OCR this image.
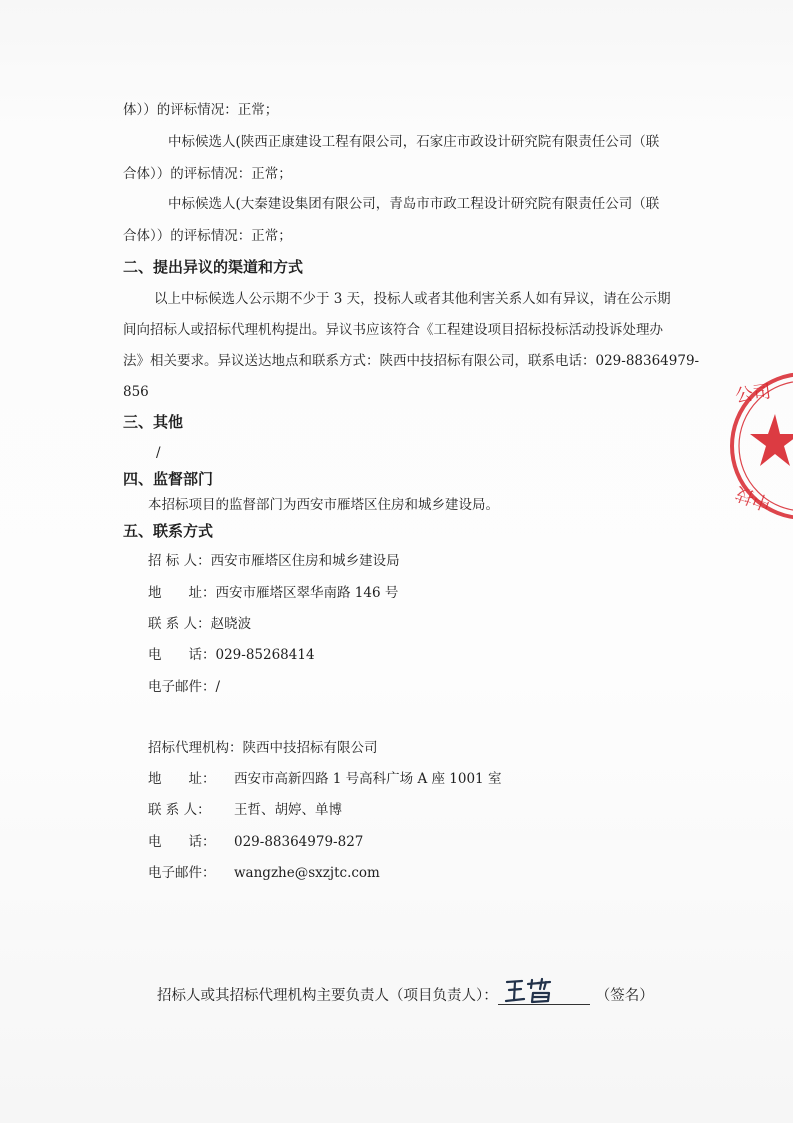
体））的评标情况：正常；
中标候选人(陕西正康建设工程有限公司，石家庄市政设计研究院有限责任公司（联
合体））的评标情况：正常；
中标候选人(大秦建设集团有限公司，青岛市市政工程设计研究院有限责任公司（联
合体））的评标情况：正常；
二、提出异议的渠道和方式
以上中标候选人公示期不少于 3 天，投标人或者其他利害关系人如有异议，请在公示期
间向招标人或招标代理机构提出。异议书应该符合《工程建设项目招标投标活动投诉处理办
法》相关要求。异议送达地点和联系方式：陕西中技招标有限公司，联系电话：029-88364979-
856
三、其他
/
四、监督部门
本招标项目的监督部门为西安市雁塔区住房和城乡建设局。
五、联系方式
招 标 人：西安市雁塔区住房和城乡建设局
地　　址：西安市雁塔区翠华南路 146 号
联 系 人：赵晓波
电　　话：029-85268414
电子邮件：/
招标代理机构：陕西中技招标有限公司
地　　址： 西安市高新四路 1 号高科广场 A 座 1001 室
联 系 人： 王哲、胡婷、单博
电　　话： 029-88364979-827
电子邮件： wangzhe@sxzjtc.com
招标人或其招标代理机构主要负责人（项目负责人）：	（签名）
公司
中技
